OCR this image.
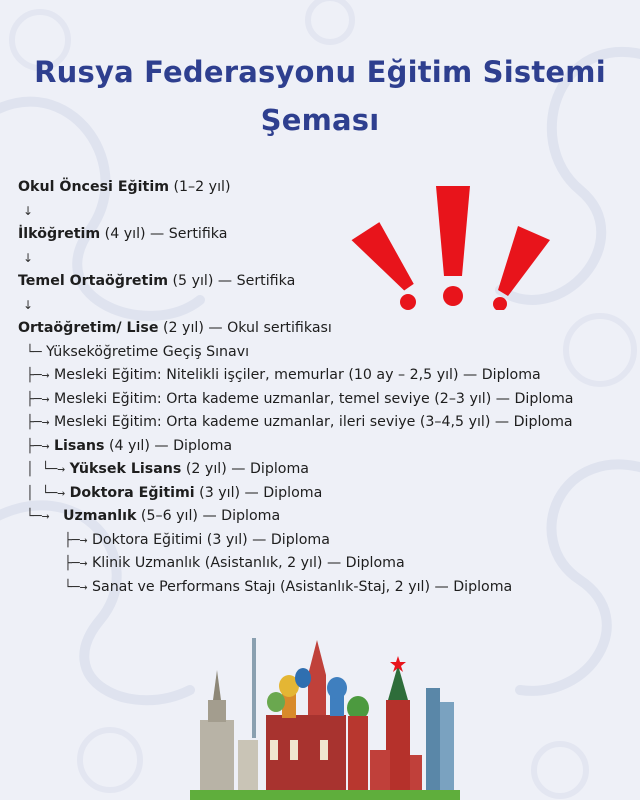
Rusya Federasyonu Eğitim Sistemi
Şeması
Okul Öncesi Eğitim (1–2 yıl)
↓
İlköğretim (4 yıl) — Sertifika
↓
Temel Ortaöğretim (5 yıl) — Sertifika
↓
Ortaöğretim/ Lise (2 yıl) — Okul sertifikası
└─ Yükseköğretime Geçiş Sınavı
├─→ Mesleki Eğitim: Nitelikli işçiler, memurlar (10 ay – 2,5 yıl) — Diploma
├─→ Mesleki Eğitim: Orta kademe uzmanlar, temel seviye (2–3 yıl) — Diploma
├─→ Mesleki Eğitim: Orta kademe uzmanlar, ileri seviye (3–4,5 yıl) — Diploma
├─→ Lisans (4 yıl) — Diploma
│ └─→ Yüksek Lisans (2 yıl) — Diploma
│ └─→ Doktora Eğitimi (3 yıl) — Diploma
└─→ Uzmanlık (5–6 yıl) — Diploma
├─→ Doktora Eğitimi (3 yıl) — Diploma
├─→ Klinik Uzmanlık (Asistanlık, 2 yıl) — Diploma
└─→ Sanat ve Performans Stajı (Asistanlık-Staj, 2 yıl) — Diploma
